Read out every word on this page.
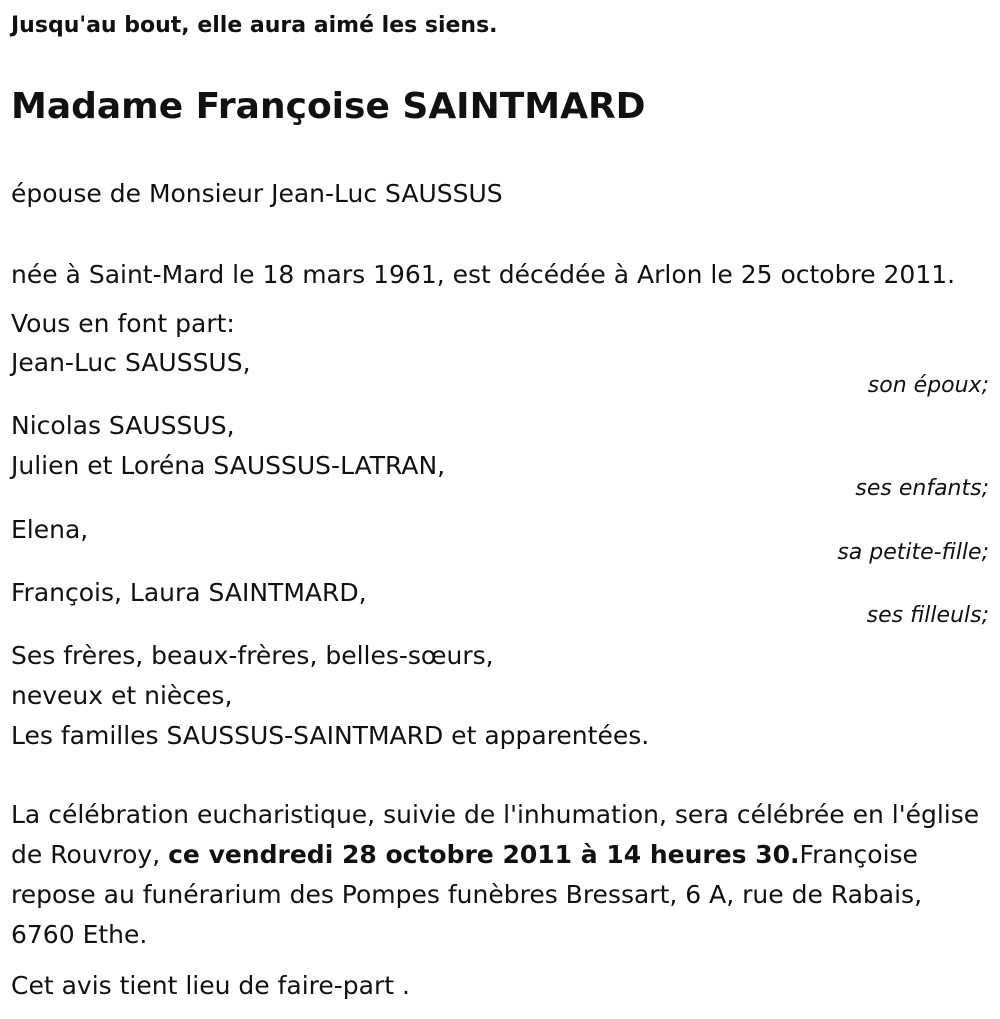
Jusqu'au bout, elle aura aimé les siens.
Madame Françoise SAINTMARD
épouse de Monsieur Jean-Luc SAUSSUS
née à Saint-Mard le 18 mars 1961, est décédée à Arlon le 25 octobre 2011.
Vous en font part:
Jean-Luc SAUSSUS,
son époux;
Nicolas SAUSSUS,
Julien et Loréna SAUSSUS-LATRAN,
ses enfants;
Elena,
sa petite-fille;
François, Laura SAINTMARD,
ses filleuls;
Ses frères, beaux-frères, belles-sœurs,
neveux et nièces,
Les familles SAUSSUS-SAINTMARD et apparentées.
La célébration eucharistique, suivie de l'inhumation, sera célébrée en l'église de Rouvroy, ce vendredi 28 octobre 2011 à 14 heures 30.Françoise repose au funérarium des Pompes funèbres Bressart, 6 A, rue de Rabais, 6760 Ethe.
Cet avis tient lieu de faire-part .
